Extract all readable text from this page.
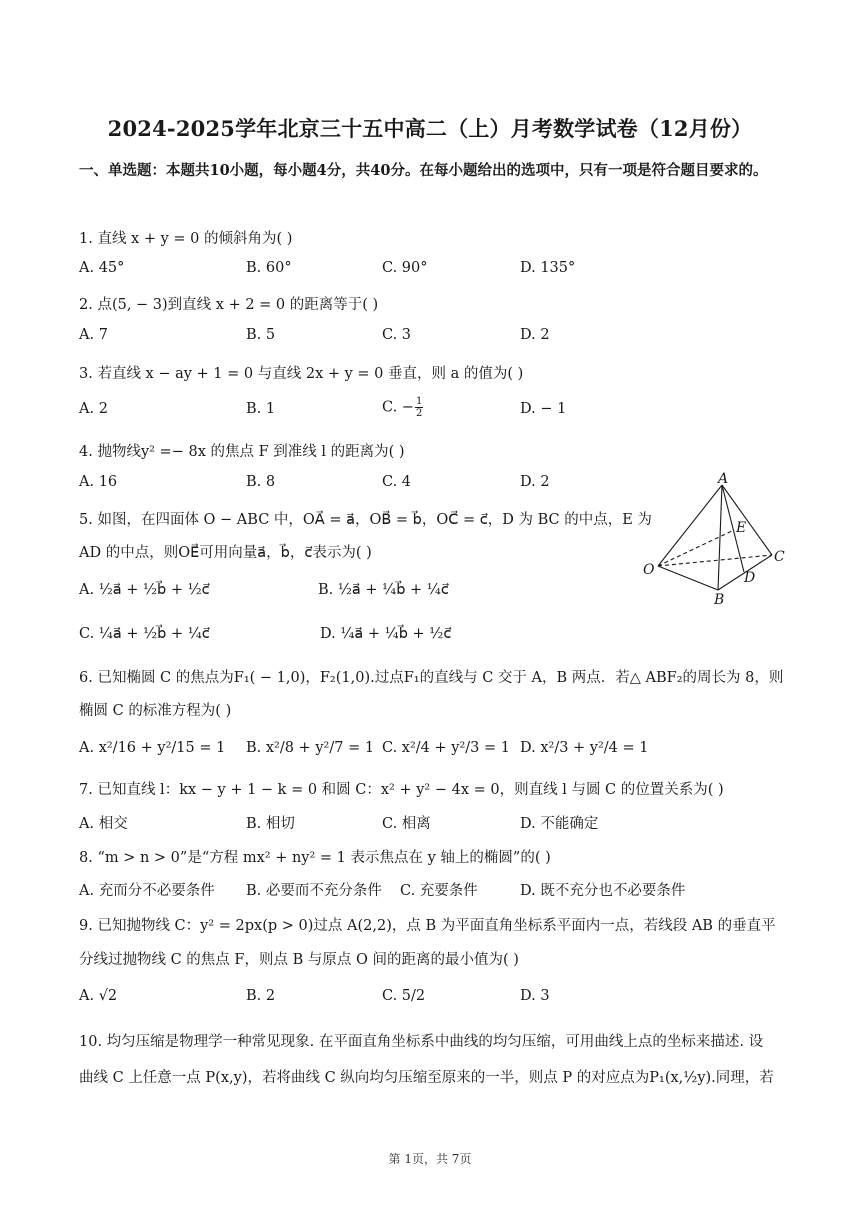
2024-2025学年北京三十五中高二（上）月考数学试卷（12月份）
一、单选题：本题共10小题，每小题4分，共40分。在每小题给出的选项中，只有一项是符合题目要求的。
1. 直线 x + y = 0 的倾斜角为( )
A. 45°	B. 60°	C. 90°	D. 135°
2. 点(5, − 3)到直线 x + 2 = 0 的距离等于( )
A. 7	B. 5	C. 3	D. 2
3. 若直线 x − ay + 1 = 0 与直线 2x + y = 0 垂直，则 a 的值为( )
A. 2	B. 1	C. − $\frac{1}{2}$	D. − 1
4. 抛物线y² =− 8x 的焦点 F 到准线 l 的距离为( )
A. 16	B. 8	C. 4	D. 2
5. 如图，在四面体 O − ABC 中，OA⃗ = a⃗，OB⃗ = b⃗，OC⃗ = c⃗，D 为 BC 的中点，E 为
AD 的中点，则OE⃗可用向量a⃗，b⃗，c⃗表示为( )
A. ½a⃗ + ½b⃗ + ½c⃗	B. ½a⃗ + ¼b⃗ + ¼c⃗
C. ¼a⃗ + ½b⃗ + ¼c⃗	D. ¼a⃗ + ¼b⃗ + ½c⃗
A
O
B
C
D
E
6. 已知椭圆 C 的焦点为F₁( − 1,0)，F₂(1,0).过点F₁的直线与 C 交于 A，B 两点．若△ ABF₂的周长为 8，则
椭圆 C 的标准方程为( )
A. x²/16 + y²/15 = 1 B. x²/8 + y²/7 = 1 C. x²/4 + y²/3 = 1 D. x²/3 + y²/4 = 1
7. 已知直线 l：kx − y + 1 − k = 0 和圆 C：x² + y² − 4x = 0，则直线 l 与圆 C 的位置关系为( )
A. 相交	B. 相切	C. 相离	D. 不能确定
8. “m > n > 0”是“方程 mx² + ny² = 1 表示焦点在 y 轴上的椭圆”的( )
A. 充而分不必要条件 B. 必要而不充分条件 C. 充要条件	D. 既不充分也不必要条件
9. 已知抛物线 C：y² = 2px(p > 0)过点 A(2,2)，点 B 为平面直角坐标系平面内一点，若线段 AB 的垂直平
分线过抛物线 C 的焦点 F，则点 B 与原点 O 间的距离的最小值为( )
A. √2	B. 2	C. 5/2	D. 3
10. 均匀压缩是物理学一种常见现象. 在平面直角坐标系中曲线的均匀压缩，可用曲线上点的坐标来描述. 设
曲线 C 上任意一点 P(x,y)，若将曲线 C 纵向均匀压缩至原来的一半，则点 P 的对应点为P₁(x,½y).同理，若
第 1页，共 7页
